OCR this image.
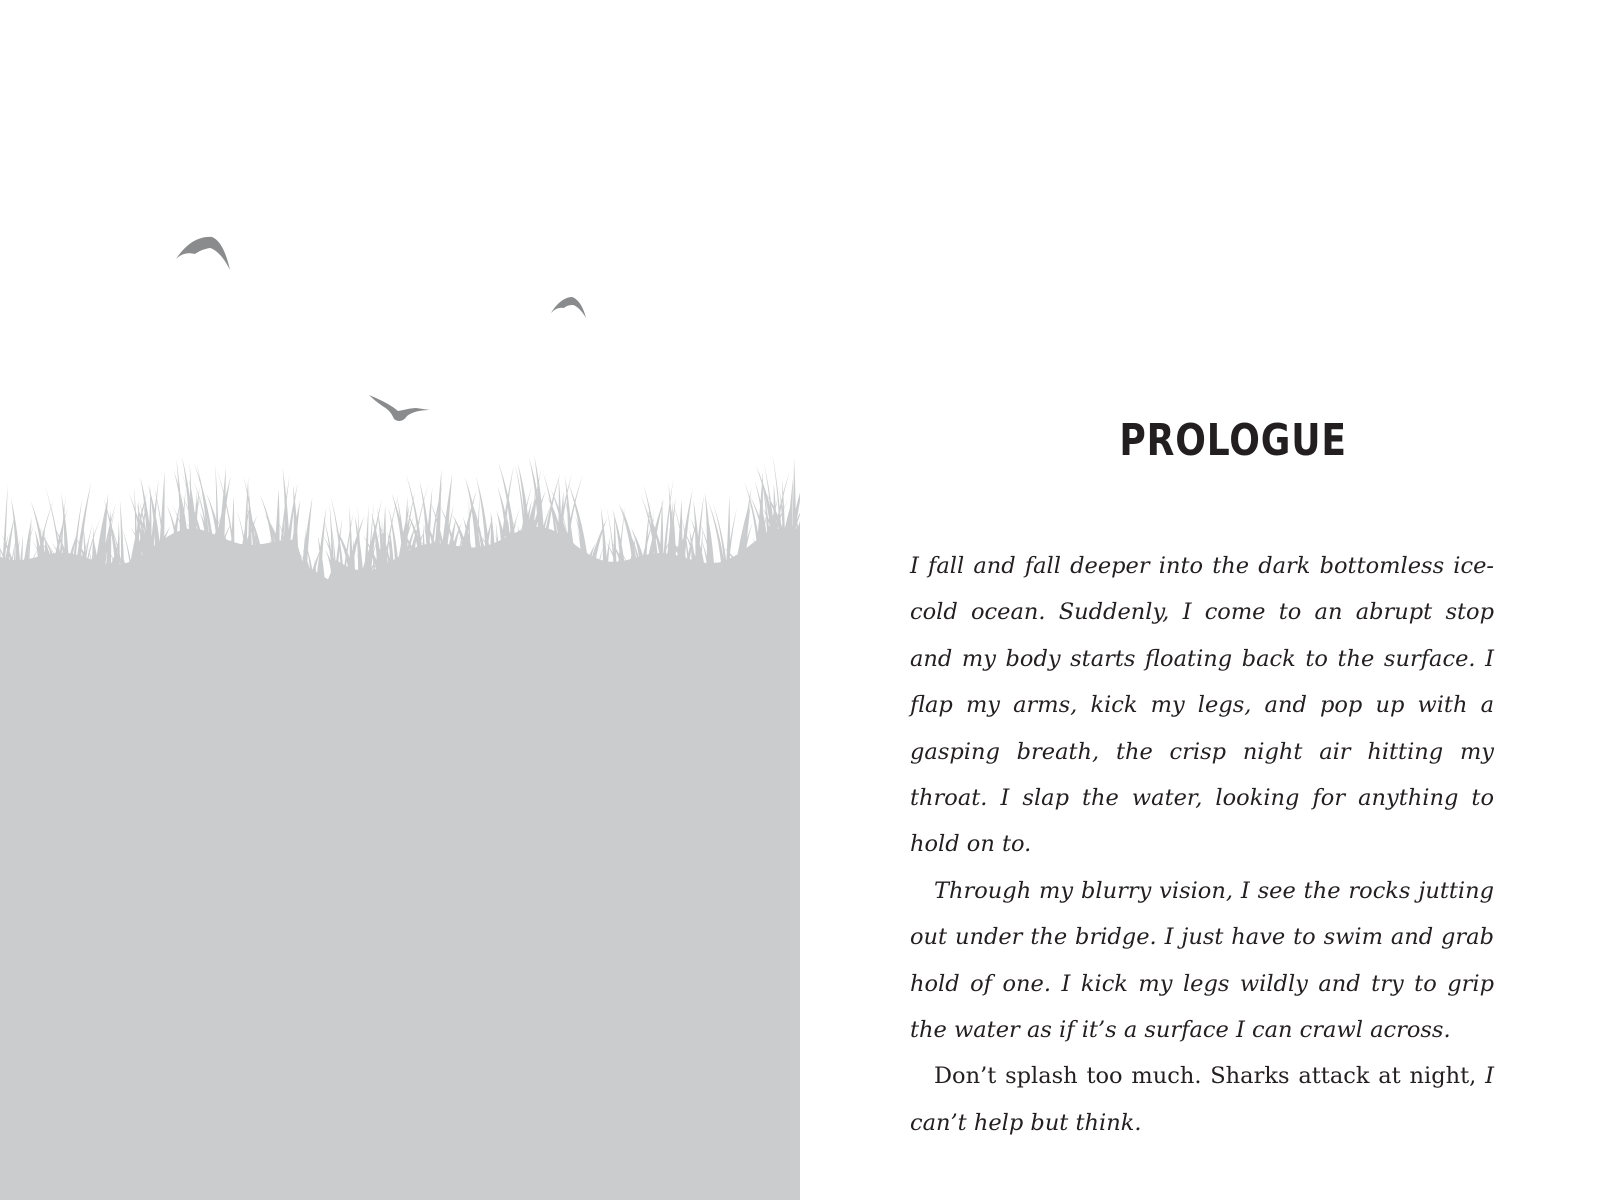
PROLOGUE

I fall and fall deeper into the dark bottomless ice-cold ocean. Suddenly, I come to an abrupt stop and my body starts floating back to the surface. I flap my arms, kick my legs, and pop up with a gasping breath, the crisp night air hitting my throat. I slap the water, looking for anything to hold on to.

Through my blurry vision, I see the rocks jutting out under the bridge. I just have to swim and grab hold of one. I kick my legs wildly and try to grip the water as if it’s a surface I can crawl across.

Don’t splash too much. Sharks attack at night, I can’t help but think.
